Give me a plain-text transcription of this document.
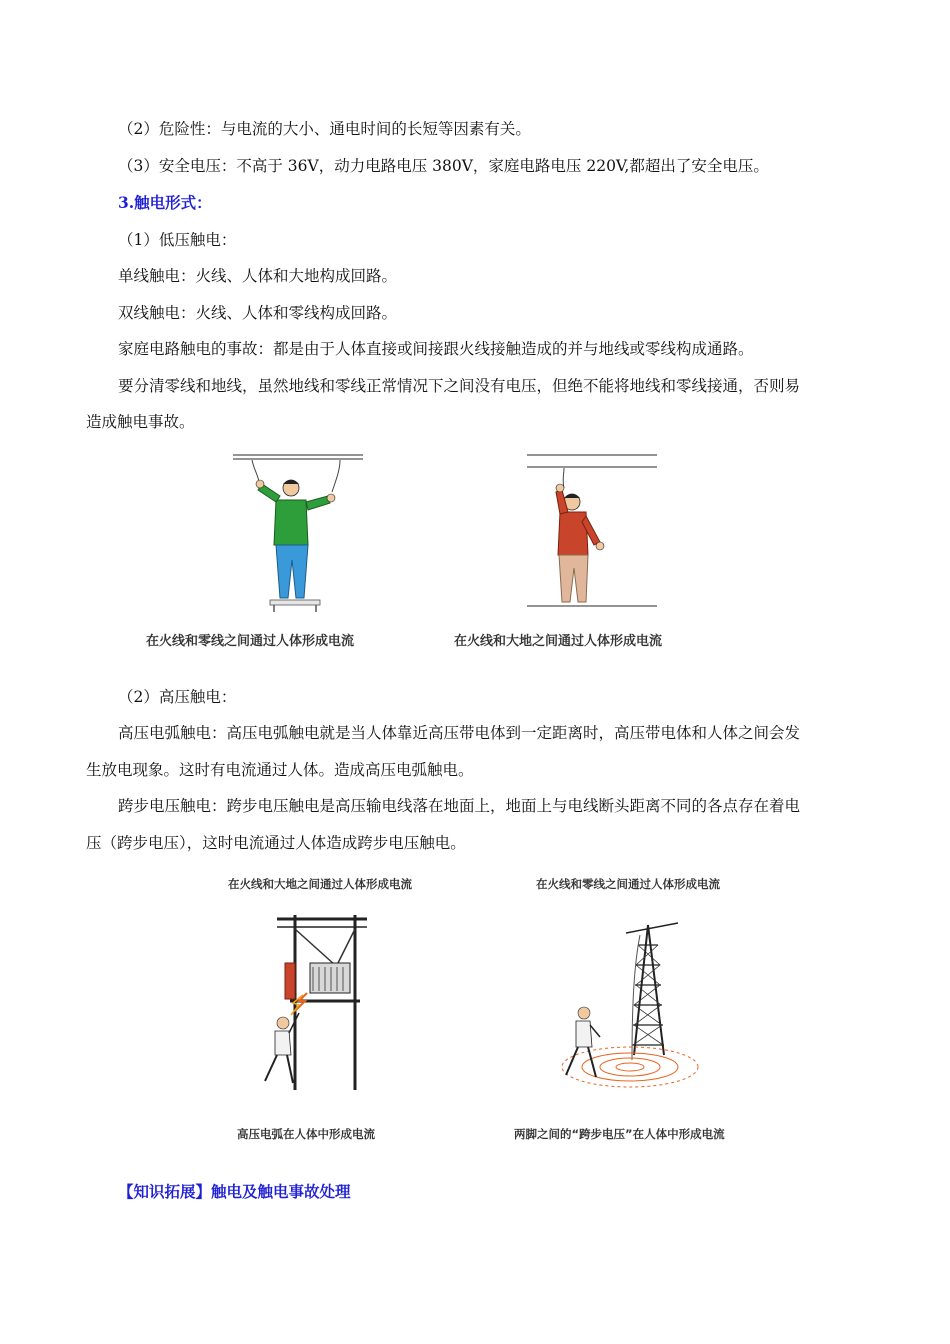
（2）危险性：与电流的大小、通电时间的长短等因素有关。
（3）安全电压：不高于 36V，动力电路电压 380V，家庭电路电压 220V,都超出了安全电压。
3.触电形式：
（1）低压触电：
单线触电：火线、人体和大地构成回路。
双线触电：火线、人体和零线构成回路。
家庭电路触电的事故：都是由于人体直接或间接跟火线接触造成的并与地线或零线构成通路。
要分清零线和地线，虽然地线和零线正常情况下之间没有电压，但绝不能将地线和零线接通，否则易
造成触电事故。
在火线和零线之间通过人体形成电流	在火线和大地之间通过人体形成电流
（2）高压触电：
高压电弧触电：高压电弧触电就是当人体靠近高压带电体到一定距离时，高压带电体和人体之间会发
生放电现象。这时有电流通过人体。造成高压电弧触电。
跨步电压触电：跨步电压触电是高压输电线落在地面上，地面上与电线断头距离不同的各点存在着电
压（跨步电压），这时电流通过人体造成跨步电压触电。
在火线和大地之间通过人体形成电流	在火线和零线之间通过人体形成电流
高压电弧在人体中形成电流	两脚之间的“跨步电压”在人体中形成电流
【知识拓展】触电及触电事故处理
